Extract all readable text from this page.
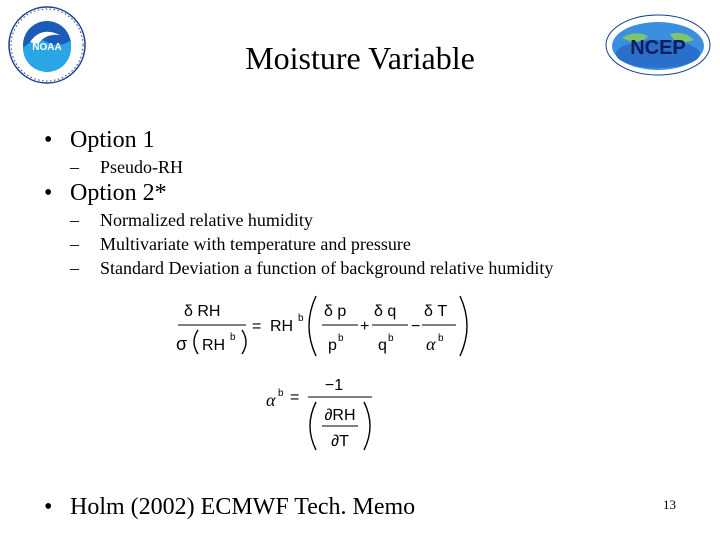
NOAA	NCEP
Moisture Variable
• Option 1
– Pseudo-RH
• Option 2*
– Normalized relative humidity
– Multivariate with temperature and pressure
– Standard Deviation a function of background relative humidity
δ RH
σ RH b
= RH b δ p
p b
+
δ q
q b
−
δ T
α b
α b =
−1
∂RH
∂T
• Holm (2002) ECMWF Tech. Memo	13
